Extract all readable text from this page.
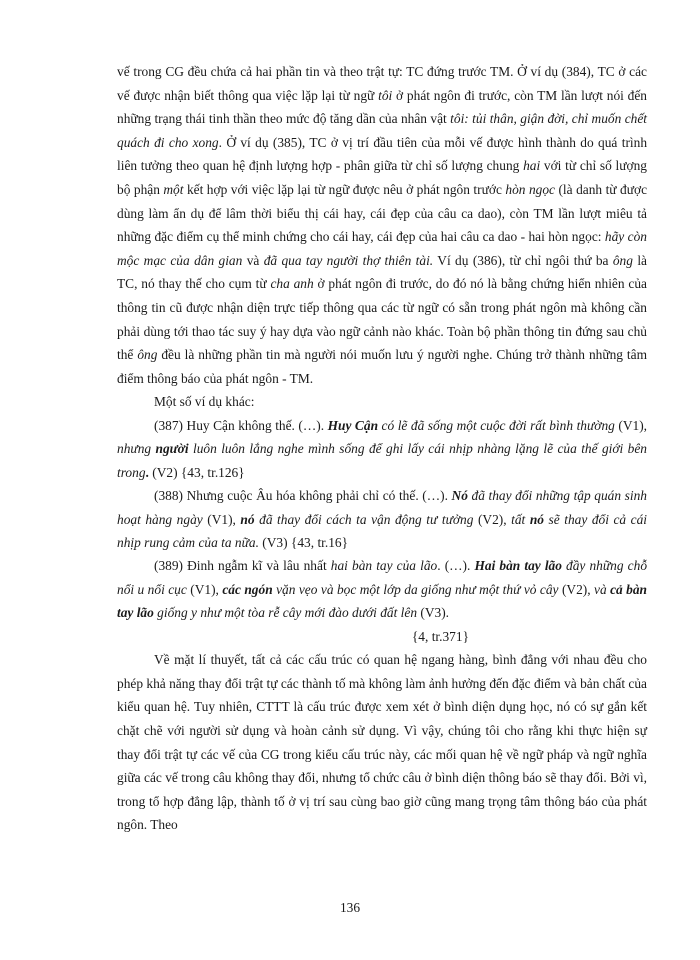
vế trong CG đều chứa cả hai phần tin và theo trật tự: TC đứng trước TM. Ở ví dụ (384), TC ở các vế được nhận biết thông qua việc lặp lại từ ngữ tôi ở phát ngôn đi trước, còn TM lần lượt nói đến những trạng thái tinh thần theo mức độ tăng dần của nhân vật tôi: tủi thân, giận đời, chỉ muốn chết quách đi cho xong. Ở ví dụ (385), TC ở vị trí đầu tiên của mỗi vế được hình thành do quá trình liên tưởng theo quan hệ định lượng hợp - phân giữa từ chỉ số lượng chung hai với từ chỉ số lượng bộ phận một kết hợp với việc lặp lại từ ngữ được nêu ở phát ngôn trước hòn ngọc (là danh từ được dùng làm ẩn dụ để lâm thời biểu thị cái hay, cái đẹp của câu ca dao), còn TM lần lượt miêu tả những đặc điểm cụ thể minh chứng cho cái hay, cái đẹp của hai câu ca dao - hai hòn ngọc: hãy còn mộc mạc của dân gian và đã qua tay người thợ thiên tài. Ví dụ (386), từ chỉ ngôi thứ ba ông là TC, nó thay thế cho cụm từ cha anh ở phát ngôn đi trước, do đó nó là bằng chứng hiển nhiên của thông tin cũ được nhận diện trực tiếp thông qua các từ ngữ có sẵn trong phát ngôn mà không cần phải dùng tới thao tác suy ý hay dựa vào ngữ cảnh nào khác. Toàn bộ phần thông tin đứng sau chủ thể ông đều là những phần tin mà người nói muốn lưu ý người nghe. Chúng trở thành những tâm điểm thông báo của phát ngôn - TM.

Một số ví dụ khác:

(387) Huy Cận không thế. (…). Huy Cận có lẽ đã sống một cuộc đời rất bình thường (V1), nhưng người luôn luôn lắng nghe mình sống để ghi lấy cái nhịp nhàng lặng lẽ của thế giới bên trong. (V2) {43, tr.126}

(388) Nhưng cuộc Âu hóa không phải chỉ có thế. (…). Nó đã thay đổi những tập quán sinh hoạt hàng ngày (V1), nó đã thay đổi cách ta vận động tư tưởng (V2), tất nó sẽ thay đổi cả cái nhịp rung cảm của ta nữa. (V3) {43, tr.16}

(389) Đinh ngẫm kĩ và lâu nhất hai bàn tay của lão. (…). Hai bàn tay lão đầy những chỗ nổi u nổi cục (V1), các ngón vặn vẹo và bọc một lớp da giống như một thứ vỏ cây (V2), và cả bàn tay lão giống y như một tòa rễ cây mới đào dưới đất lên (V3).

{4, tr.371}

Về mặt lí thuyết, tất cả các cấu trúc có quan hệ ngang hàng, bình đẳng với nhau đều cho phép khả năng thay đổi trật tự các thành tố mà không làm ảnh hưởng đến đặc điểm và bản chất của kiểu quan hệ. Tuy nhiên, CTTT là cấu trúc được xem xét ở bình diện dụng học, nó có sự gắn kết chặt chẽ với người sử dụng và hoàn cảnh sử dụng. Vì vậy, chúng tôi cho rằng khi thực hiện sự thay đổi trật tự các vế của CG trong kiểu cấu trúc này, các mối quan hệ về ngữ pháp và ngữ nghĩa giữa các vế trong câu không thay đổi, nhưng tổ chức câu ở bình diện thông báo sẽ thay đổi. Bởi vì, trong tổ hợp đẳng lập, thành tố ở vị trí sau cùng bao giờ cũng mang trọng tâm thông báo của phát ngôn. Theo

136
